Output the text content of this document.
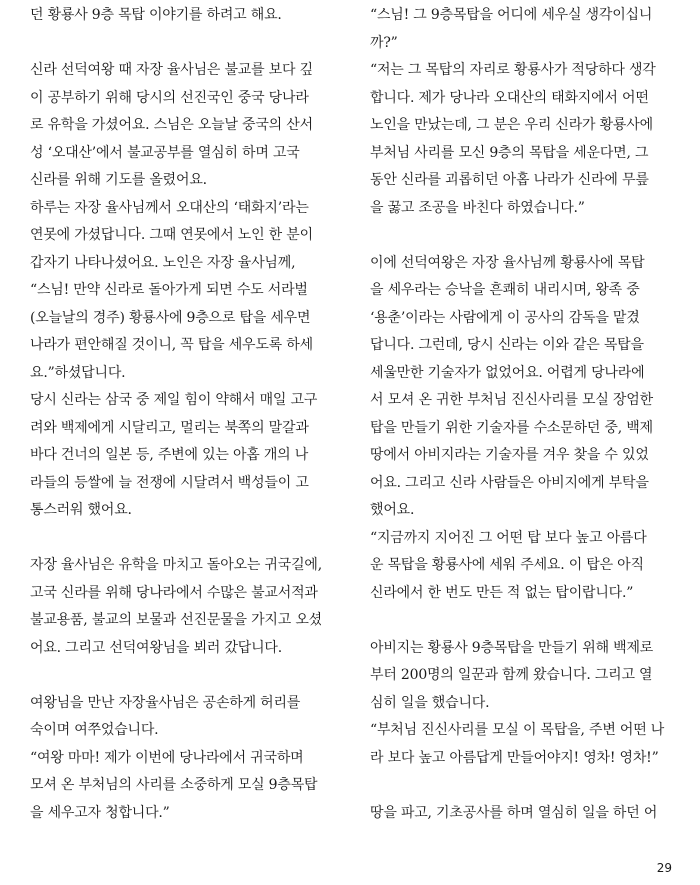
던 황룡사 9층 목탑 이야기를 하려고 해요.
신라 선덕여왕 때 자장 율사님은 불교를 보다 깊
이 공부하기 위해 당시의 선진국인 중국 당나라
로 유학을 가셨어요. 스님은 오늘날 중국의 산서
성 ‘오대산’에서 불교공부를 열심히 하며 고국
신라를 위해 기도를 올렸어요.
하루는 자장 율사님께서 오대산의 ‘태화지’라는
연못에 가셨답니다. 그때 연못에서 노인 한 분이
갑자기 나타나셨어요. 노인은 자장 율사님께,
“스님! 만약 신라로 돌아가게 되면 수도 서라벌
(오늘날의 경주) 황룡사에 9층으로 탑을 세우면
나라가 편안해질 것이니, 꼭 탑을 세우도록 하세
요.”하셨답니다.
당시 신라는 삼국 중 제일 힘이 약해서 매일 고구
려와 백제에게 시달리고, 멀리는 북쪽의 말갈과
바다 건너의 일본 등, 주변에 있는 아홉 개의 나
라들의 등쌀에 늘 전쟁에 시달려서 백성들이 고
통스러워 했어요.
자장 율사님은 유학을 마치고 돌아오는 귀국길에,
고국 신라를 위해 당나라에서 수많은 불교서적과
불교용품, 불교의 보물과 선진문물을 가지고 오셨
어요. 그리고 선덕여왕님을 뵈러 갔답니다.
여왕님을 만난 자장율사님은 공손하게 허리를
숙이며 여쭈었습니다.
“여왕 마마! 제가 이번에 당나라에서 귀국하며
모셔 온 부처님의 사리를 소중하게 모실 9층목탑
을 세우고자 청합니다.”
“스님! 그 9층목탑을 어디에 세우실 생각이십니
까?”
“저는 그 목탑의 자리로 황룡사가 적당하다 생각
합니다. 제가 당나라 오대산의 태화지에서 어떤
노인을 만났는데, 그 분은 우리 신라가 황룡사에
부처님 사리를 모신 9층의 목탑을 세운다면, 그
동안 신라를 괴롭히던 아홉 나라가 신라에 무릎
을 꿇고 조공을 바친다 하였습니다.”
이에 선덕여왕은 자장 율사님께 황룡사에 목탑
을 세우라는 승낙을 흔쾌히 내리시며, 왕족 중
‘용춘’이라는 사람에게 이 공사의 감독을 맡겼
답니다. 그런데, 당시 신라는 이와 같은 목탑을
세울만한 기술자가 없었어요. 어렵게 당나라에
서 모셔 온 귀한 부처님 진신사리를 모실 장엄한
탑을 만들기 위한 기술자를 수소문하던 중, 백제
땅에서 아비지라는 기술자를 겨우 찾을 수 있었
어요. 그리고 신라 사람들은 아비지에게 부탁을
했어요.
“지금까지 지어진 그 어떤 탑 보다 높고 아름다
운 목탑을 황룡사에 세워 주세요. 이 탑은 아직
신라에서 한 번도 만든 적 없는 탑이랍니다.”
아비지는 황룡사 9층목탑을 만들기 위해 백제로
부터 200명의 일꾼과 함께 왔습니다. 그리고 열
심히 일을 했습니다.
“부처님 진신사리를 모실 이 목탑을, 주변 어떤 나
라 보다 높고 아름답게 만들어야지! 영차! 영차!”
땅을 파고, 기초공사를 하며 열심히 일을 하던 어
29
